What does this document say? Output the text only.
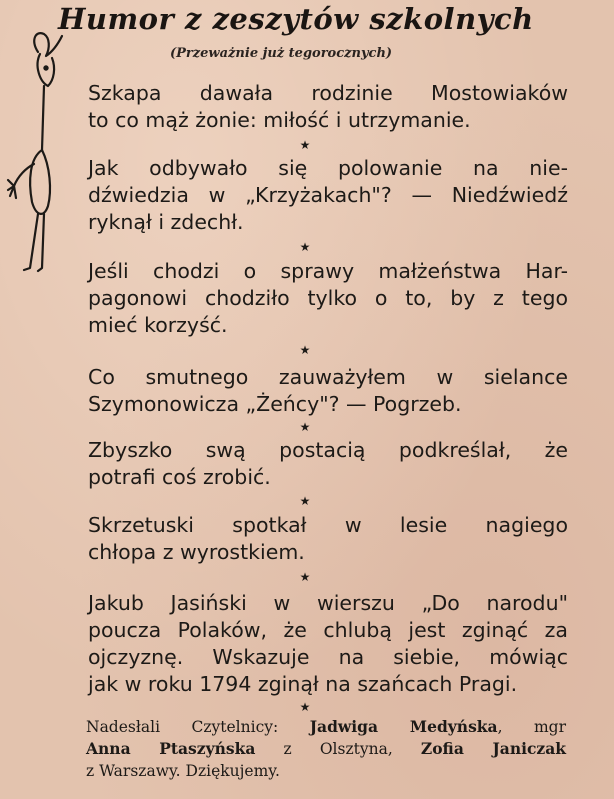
Humor z zeszytów szkolnych
(Przeważnie już tegorocznych)
Szkapa dawała rodzinie Mostowiaków
to co mąż żonie: miłość i utrzymanie.
★
Jak odbywało się polowanie na nie-
dźwiedzia w „Krzyżakach"? — Niedźwiedź
ryknął i zdechł.
★
Jeśli chodzi o sprawy małżeństwa Har-
pagonowi chodziło tylko o to, by z tego
mieć korzyść.
★
Co smutnego zauważyłem w sielance
Szymonowicza „Żeńcy"? — Pogrzeb.
★
Zbyszko swą postacią podkreślał, że
potrafi coś zrobić.
★
Skrzetuski spotkał w lesie nagiego
chłopa z wyrostkiem.
★
Jakub Jasiński w wierszu „Do narodu"
poucza Polaków, że chlubą jest zginąć za
ojczyznę. Wskazuje na siebie, mówiąc
jak w roku 1794 zginął na szańcach Pragi.
★
Nadesłali Czytelnicy: Jadwiga Medyńska, mgr
Anna Ptaszyńska z Olsztyna, Zofia Janiczak
z Warszawy. Dziękujemy.
